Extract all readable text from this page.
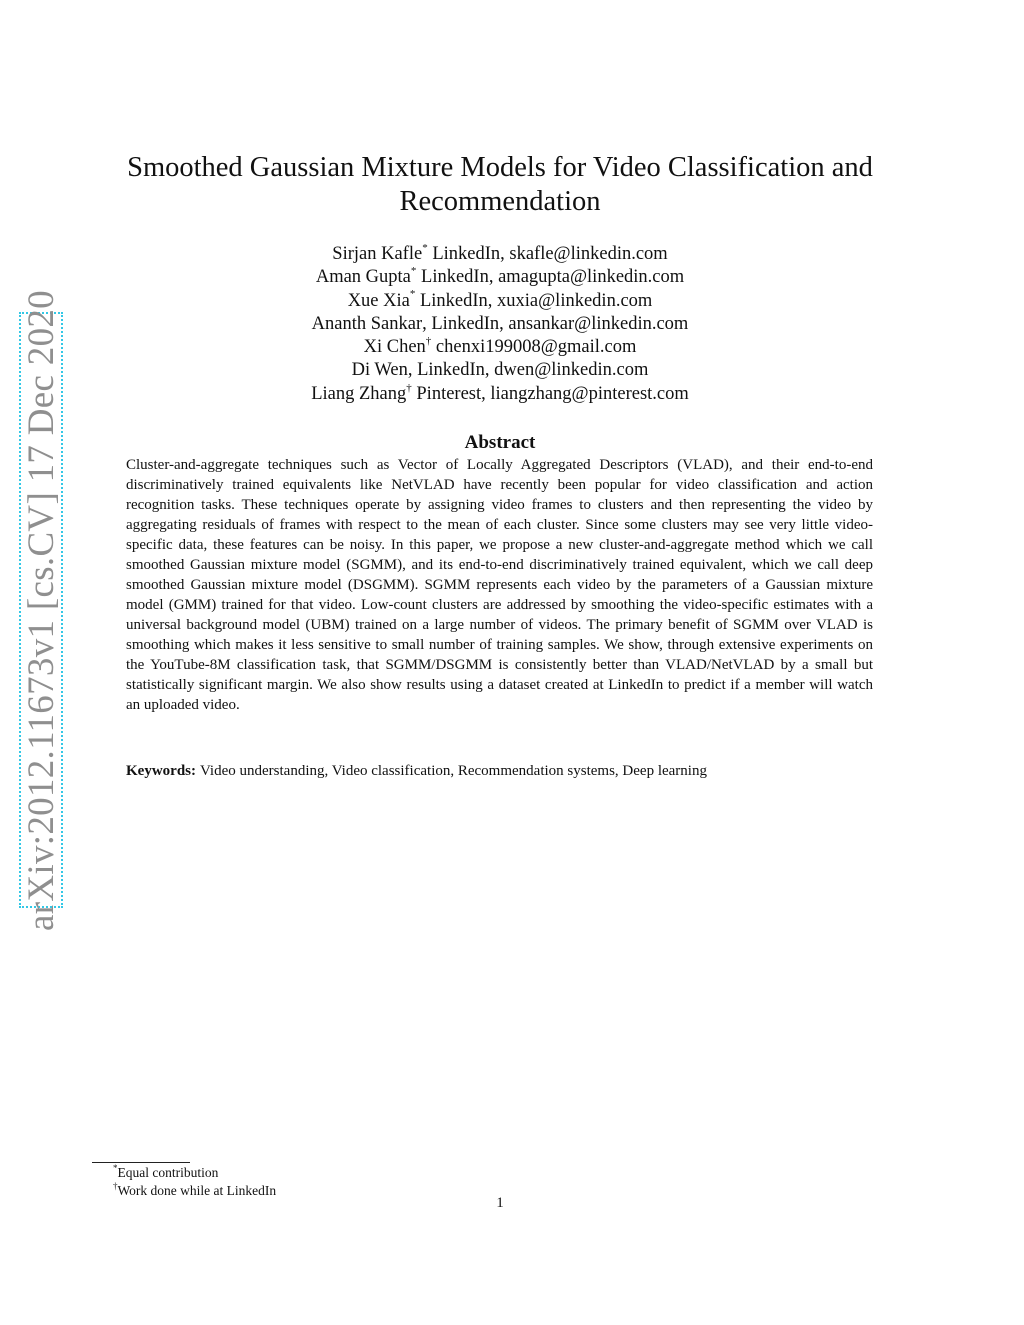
arXiv:2012.11673v1 [cs.CV] 17 Dec 2020
Smoothed Gaussian Mixture Models for Video Classification and Recommendation
Sirjan Kafle* LinkedIn, skafle@linkedin.com
Aman Gupta* LinkedIn, amagupta@linkedin.com
Xue Xia* LinkedIn, xuxia@linkedin.com
Ananth Sankar, LinkedIn, ansankar@linkedin.com
Xi Chen† chenxi199008@gmail.com
Di Wen, LinkedIn, dwen@linkedin.com
Liang Zhang† Pinterest, liangzhang@pinterest.com
Abstract

Cluster-and-aggregate techniques such as Vector of Locally Aggregated Descriptors (VLAD), and their end-to-end discriminatively trained equivalents like NetVLAD have recently been popular for video classification and action recognition tasks. These techniques operate by assigning video frames to clusters and then representing the video by aggregating residuals of frames with respect to the mean of each cluster. Since some clusters may see very little video-specific data, these features can be noisy. In this paper, we propose a new cluster-and-aggregate method which we call smoothed Gaussian mixture model (SGMM), and its end-to-end discriminatively trained equivalent, which we call deep smoothed Gaussian mixture model (DSGMM). SGMM represents each video by the parameters of a Gaussian mixture model (GMM) trained for that video. Low-count clusters are addressed by smoothing the video-specific estimates with a universal background model (UBM) trained on a large number of videos. The primary benefit of SGMM over VLAD is smoothing which makes it less sensitive to small number of training samples. We show, through extensive experiments on the YouTube-8M classification task, that SGMM/DSGMM is consistently better than VLAD/NetVLAD by a small but statistically significant margin. We also show results using a dataset created at LinkedIn to predict if a member will watch an uploaded video.

Keywords: Video understanding, Video classification, Recommendation systems, Deep learning

*Equal contribution
†Work done while at LinkedIn
1
